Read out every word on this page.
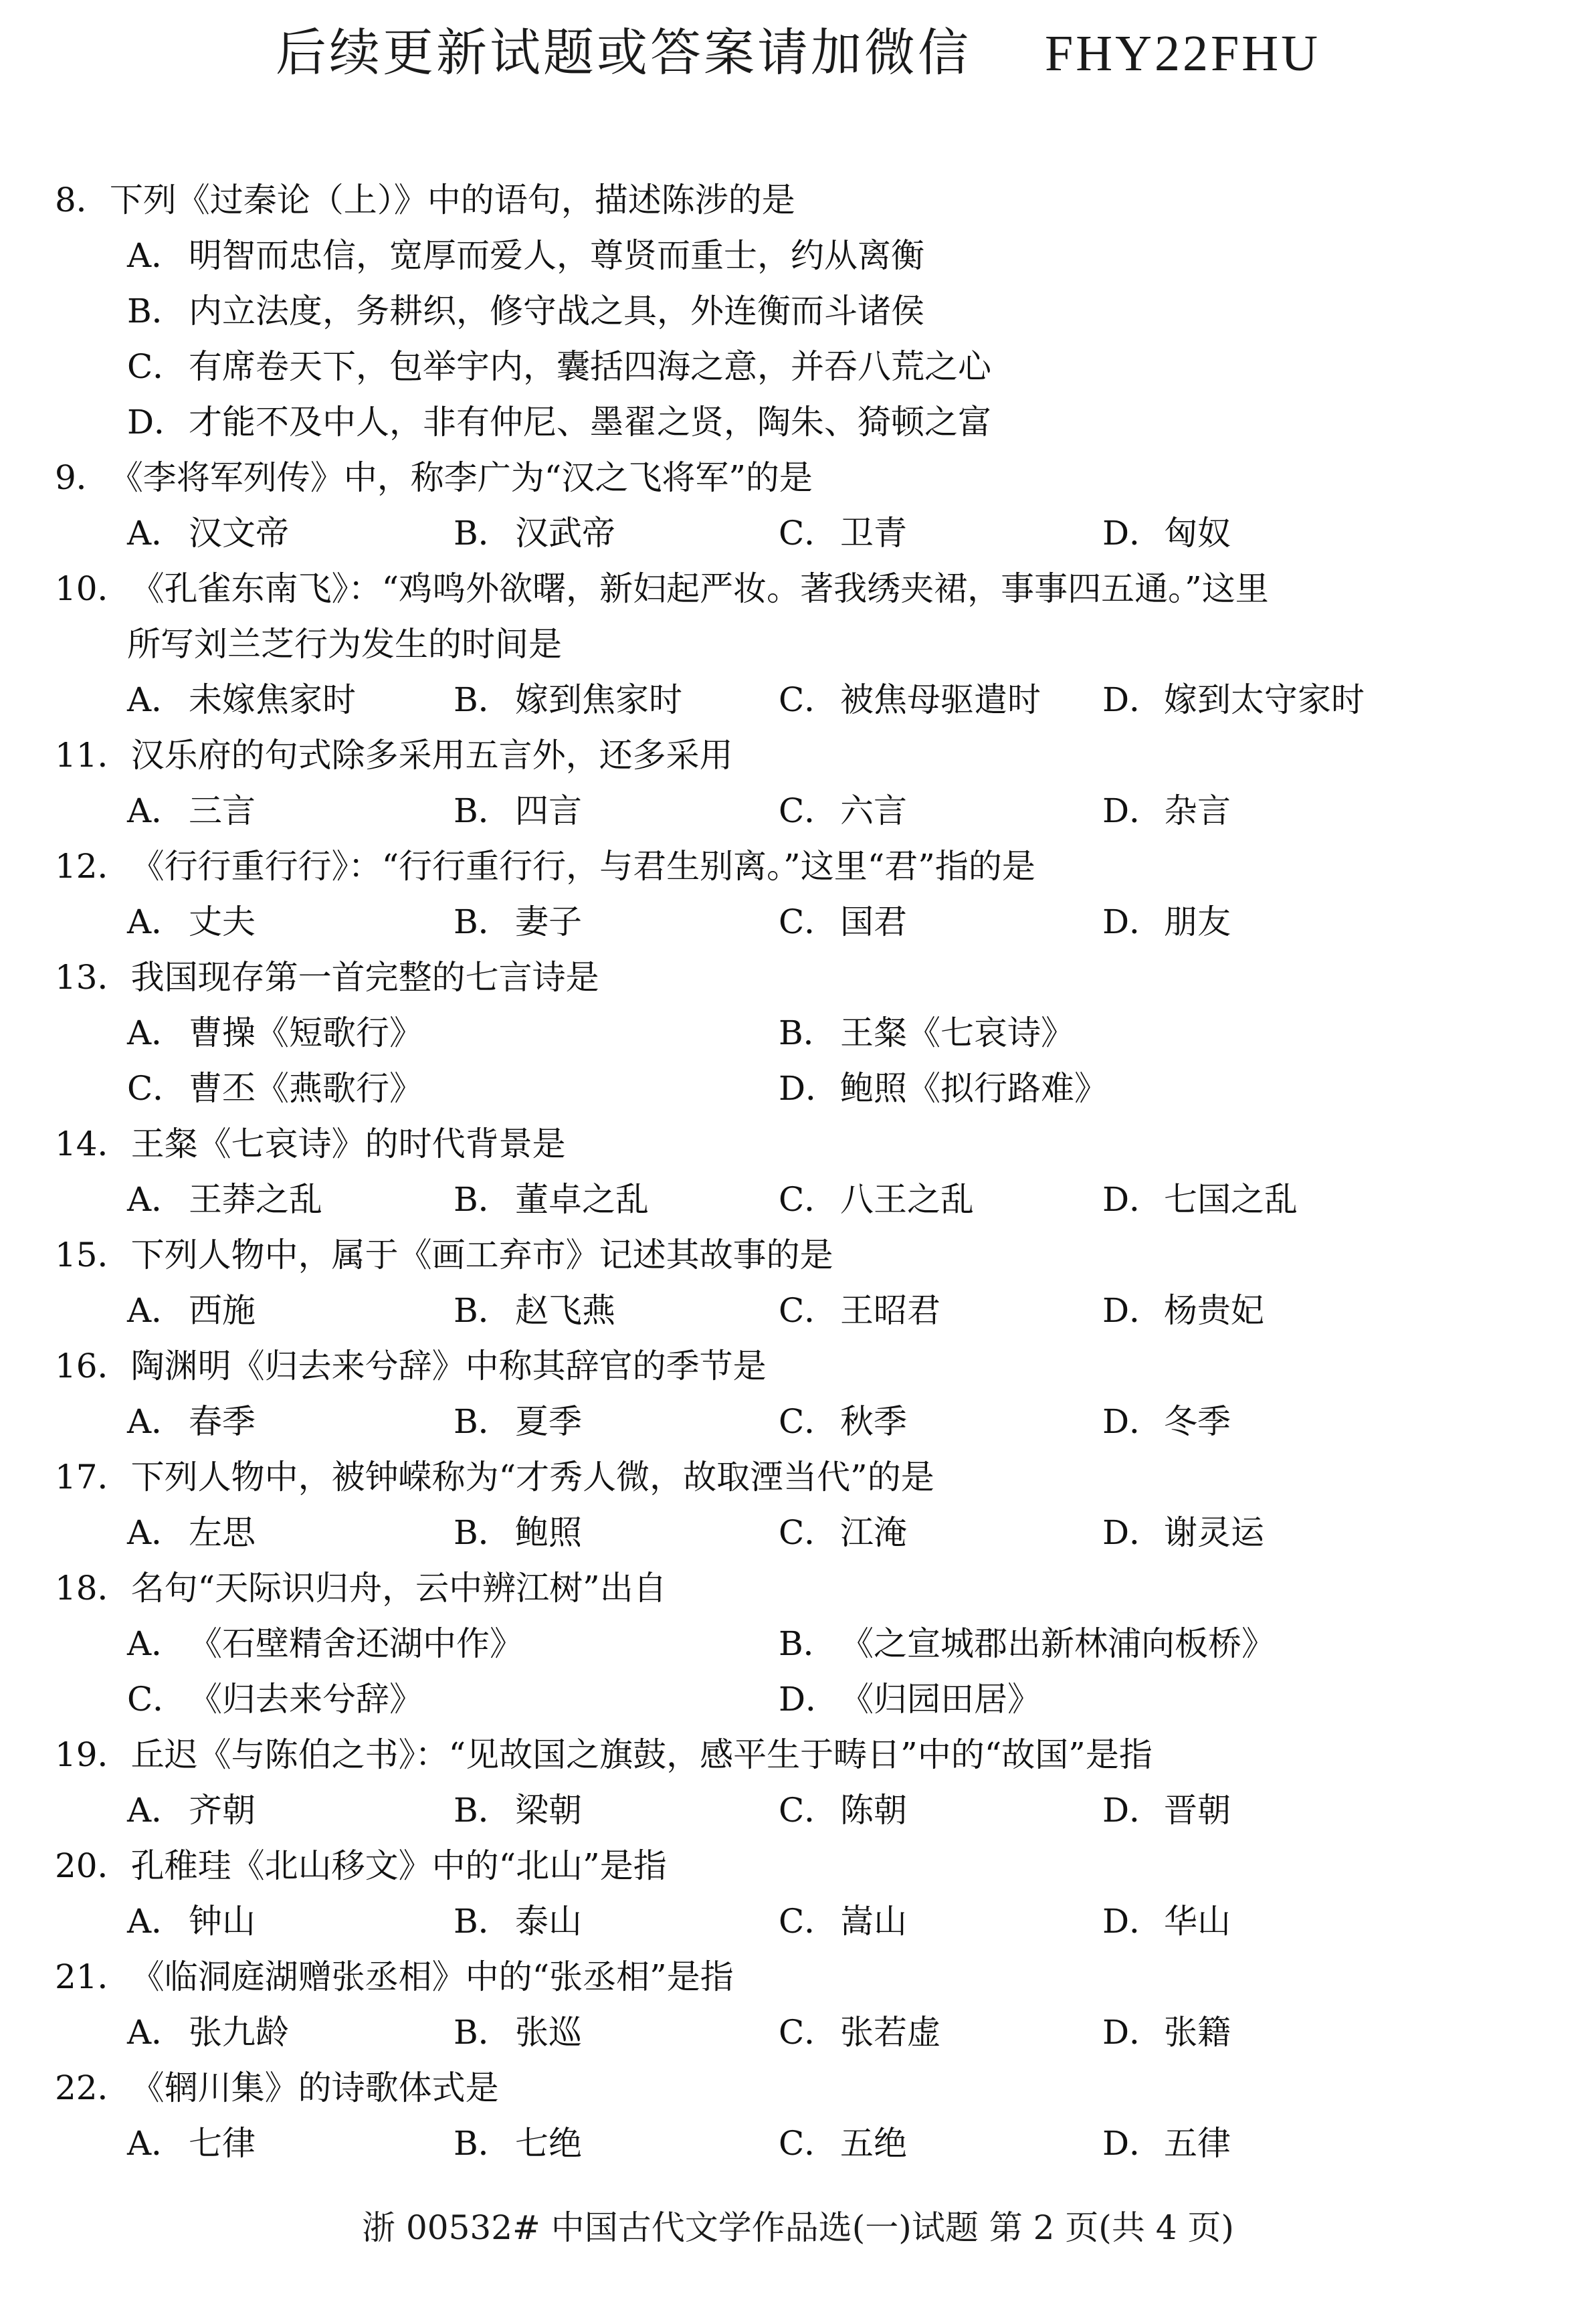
后续更新试题或答案请加微信 FHY22FHU
8．下列《过秦论（上）》中的语句，描述陈涉的是
A． 明智而忠信，宽厚而爱人，尊贤而重士，约从离衡
B． 内立法度，务耕织，修守战之具，外连衡而斗诸侯
C．有席卷天下，包举宇内，囊括四海之意，并吞八荒之心
D．才能不及中人，非有仲尼、墨翟之贤，陶朱、猗顿之富
9．《李将军列传》中，称李广为“汉之飞将军”的是
A． 汉文帝	B． 汉武帝	C．卫青	D．匈奴
10．《孔雀东南飞》：“鸡鸣外欲曙，新妇起严妆。著我绣夹裙，事事四五通。”这里
所写刘兰芝行为发生的时间是
A． 未嫁焦家时	B． 嫁到焦家时	C．被焦母驱遣时	D．嫁到太守家时
11．汉乐府的句式除多采用五言外，还多采用
A． 三言	B． 四言	C．六言	D．杂言
12．《行行重行行》：“行行重行行，与君生别离。”这里“君”指的是
A． 丈夫	B． 妻子	C．国君	D．朋友
13．我国现存第一首完整的七言诗是
A． 曹操《短歌行》	B． 王粲《七哀诗》
C．曹丕《燕歌行》	D．鲍照《拟行路难》
14．王粲《七哀诗》的时代背景是
A． 王莽之乱	B． 董卓之乱	C．八王之乱	D．七国之乱
15．下列人物中，属于《画工弃市》记述其故事的是
A． 西施	B． 赵飞燕	C．王昭君	D．杨贵妃
16．陶渊明《归去来兮辞》中称其辞官的季节是
A． 春季	B． 夏季	C．秋季	D．冬季
17．下列人物中，被钟嵘称为“才秀人微，故取湮当代”的是
A． 左思	B． 鲍照	C．江淹	D．谢灵运
18．名句“天际识归舟，云中辨江树”出自
A． 《石壁精舍还湖中作》	B． 《之宣城郡出新林浦向板桥》
C．《归去来兮辞》	D．《归园田居》
19．丘迟《与陈伯之书》：“见故国之旗鼓，感平生于畴日”中的“故国”是指
A． 齐朝	B． 梁朝	C．陈朝	D．晋朝
20．孔稚珪《北山移文》中的“北山”是指
A． 钟山	B． 泰山	C．嵩山	D．华山
21．《临洞庭湖赠张丞相》中的“张丞相”是指
A． 张九龄	B． 张巡	C．张若虚	D．张籍
22．《辋川集》的诗歌体式是
A． 七律	B． 七绝	C．五绝	D．五律
浙 00532# 中国古代文学作品选(一)试题 第 2 页(共 4 页)
